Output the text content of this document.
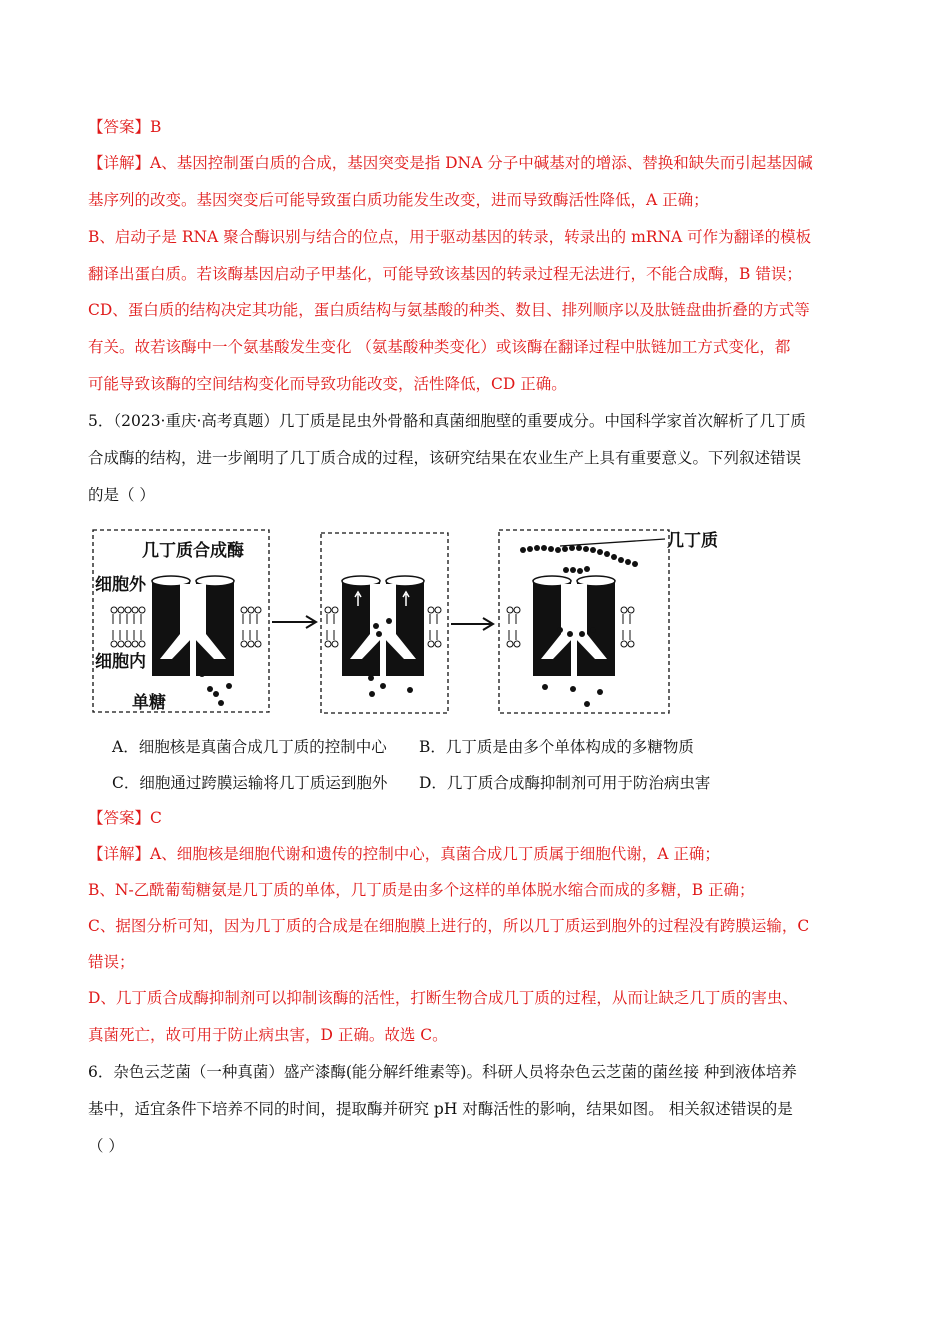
【答案】B
【详解】A、基因控制蛋白质的合成，基因突变是指 DNA 分子中碱基对的增添、替换和缺失而引起基因碱
基序列的改变。基因突变后可能导致蛋白质功能发生改变，进而导致酶活性降低，A 正确；
B、启动子是 RNA 聚合酶识别与结合的位点，用于驱动基因的转录，转录出的 mRNA 可作为翻译的模板
翻译出蛋白质。若该酶基因启动子甲基化，可能导致该基因的转录过程无法进行，不能合成酶，B 错误；
CD、蛋白质的结构决定其功能，蛋白质结构与氨基酸的种类、数目、排列顺序以及肽链盘曲折叠的方式等
有关。故若该酶中一个氨基酸发生变化 （氨基酸种类变化）或该酶在翻译过程中肽链加工方式变化，都
可能导致该酶的空间结构变化而导致功能改变，活性降低，CD 正确。
5．（2023·重庆·高考真题）几丁质是昆虫外骨骼和真菌细胞壁的重要成分。中国科学家首次解析了几丁质
合成酶的结构，进一步阐明了几丁质合成的过程，该研究结果在农业生产上具有重要意义。下列叙述错误
的是（ ）
几丁质合成酶
细胞外
细胞内
单糖
几丁质
A．细胞核是真菌合成几丁质的控制中心 B．几丁质是由多个单体构成的多糖物质
C．细胞通过跨膜运输将几丁质运到胞外 D．几丁质合成酶抑制剂可用于防治病虫害
【答案】C
【详解】A、细胞核是细胞代谢和遗传的控制中心，真菌合成几丁质属于细胞代谢，A 正确；
B、N-乙酰葡萄糖氨是几丁质的单体，几丁质是由多个这样的单体脱水缩合而成的多糖，B 正确；
C、据图分析可知，因为几丁质的合成是在细胞膜上进行的，所以几丁质运到胞外的过程没有跨膜运输，C
错误；
D、几丁质合成酶抑制剂可以抑制该酶的活性，打断生物合成几丁质的过程，从而让缺乏几丁质的害虫、
真菌死亡，故可用于防止病虫害，D 正确。故选 C。
6．杂色云芝菌（一种真菌）盛产漆酶(能分解纤维素等)。科研人员将杂色云芝菌的菌丝接 种到液体培养
基中，适宜条件下培养不同的时间，提取酶并研究 pH 对酶活性的影响，结果如图。 相关叙述错误的是
（ ）
